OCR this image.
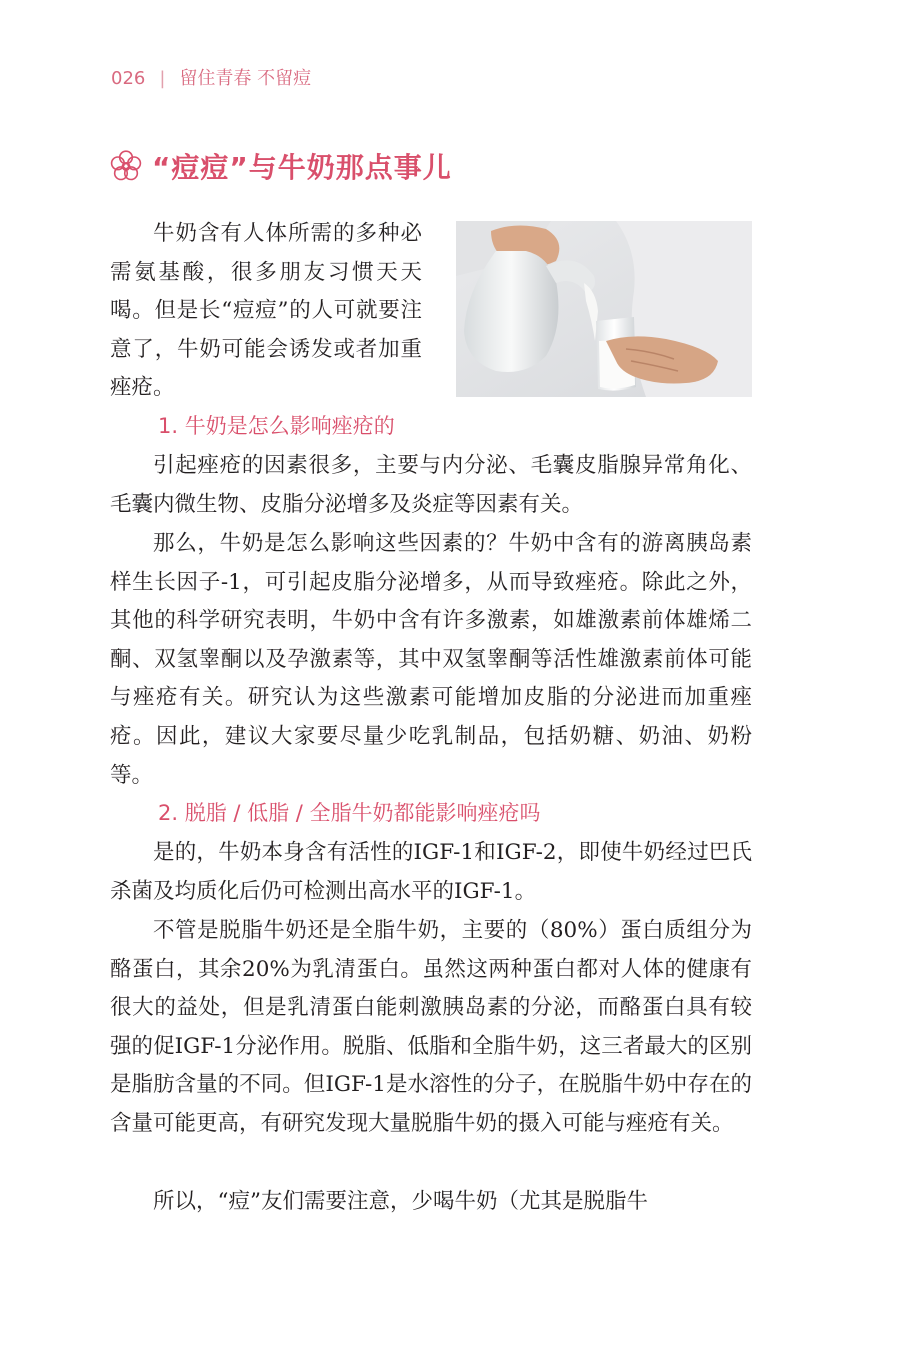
026 | 留住青春 不留痘
“痘痘”与牛奶那点事儿

牛奶含有人体所需的多种必需氨基酸，很多朋友习惯天天喝。但是长“痘痘”的人可就要注意了，牛奶可能会诱发或者加重痤疮。

1. 牛奶是怎么影响痤疮的

引起痤疮的因素很多，主要与内分泌、毛囊皮脂腺异常角化、毛囊内微生物、皮脂分泌增多及炎症等因素有关。

那么，牛奶是怎么影响这些因素的？牛奶中含有的游离胰岛素样生长因子-1，可引起皮脂分泌增多，从而导致痤疮。除此之外，其他的科学研究表明，牛奶中含有许多激素，如雄激素前体雄烯二酮、双氢睾酮以及孕激素等，其中双氢睾酮等活性雄激素前体可能与痤疮有关。研究认为这些激素可能增加皮脂的分泌进而加重痤疮。因此，建议大家要尽量少吃乳制品，包括奶糖、奶油、奶粉等。

2. 脱脂 / 低脂 / 全脂牛奶都能影响痤疮吗

是的，牛奶本身含有活性的IGF-1和IGF-2，即使牛奶经过巴氏杀菌及均质化后仍可检测出高水平的IGF-1。

不管是脱脂牛奶还是全脂牛奶，主要的（80%）蛋白质组分为酪蛋白，其余20%为乳清蛋白。虽然这两种蛋白都对人体的健康有很大的益处，但是乳清蛋白能刺激胰岛素的分泌，而酪蛋白具有较强的促IGF-1分泌作用。脱脂、低脂和全脂牛奶，这三者最大的区别是脂肪含量的不同。但IGF-1是水溶性的分子，在脱脂牛奶中存在的含量可能更高，有研究发现大量脱脂牛奶的摄入可能与痤疮有关。

所以，“痘”友们需要注意，少喝牛奶（尤其是脱脂牛
